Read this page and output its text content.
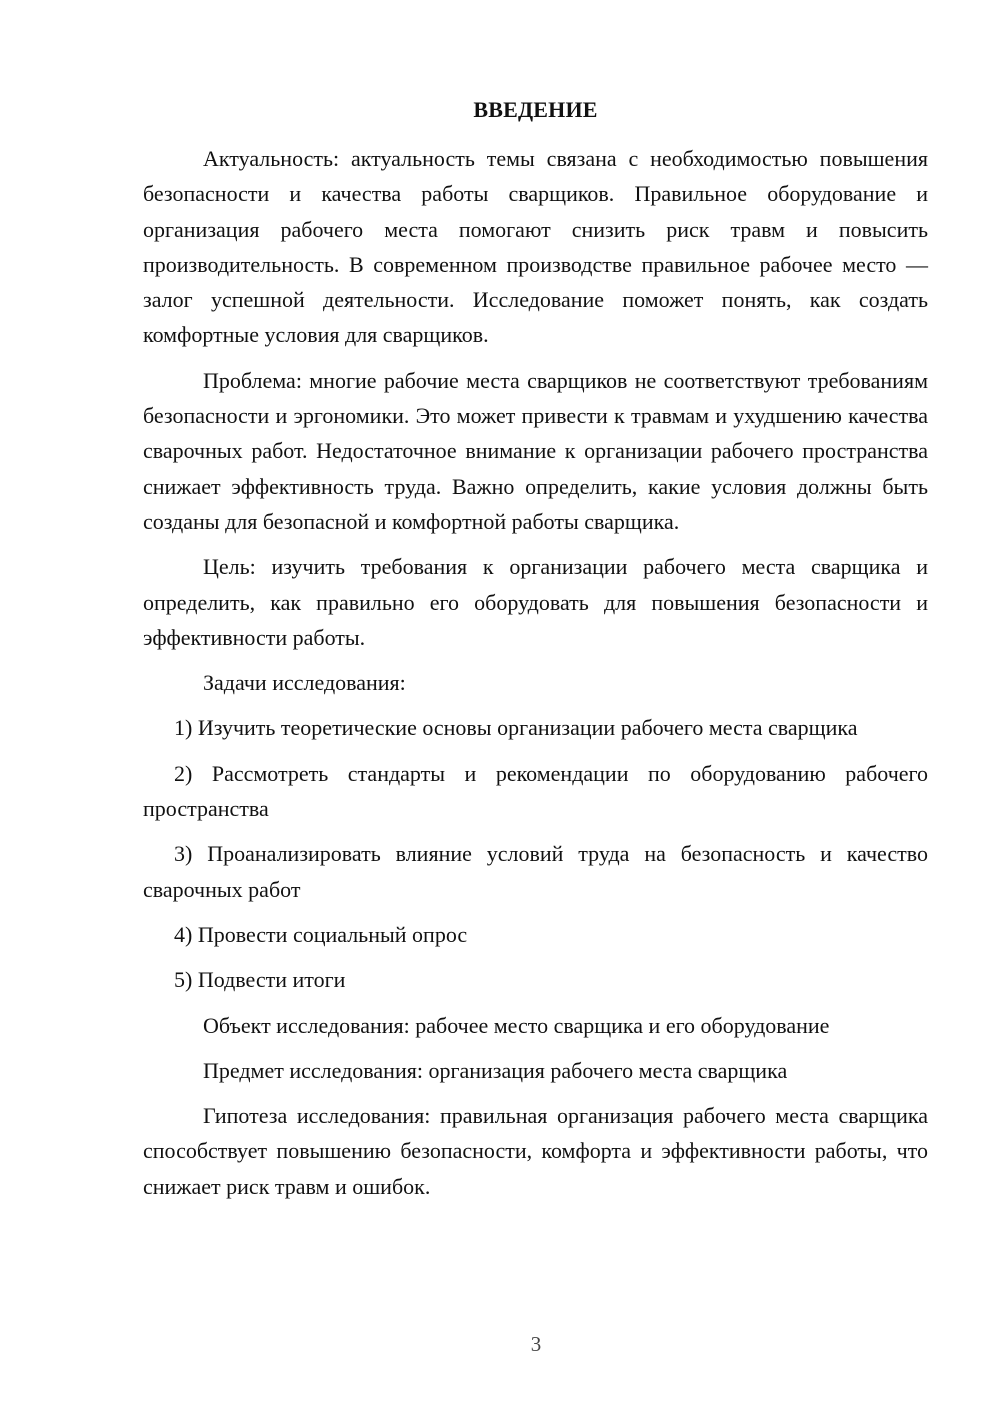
ВВЕДЕНИЕ

Актуальность: актуальность темы связана с необходимостью повышения безопасности и качества работы сварщиков. Правильное оборудование и организация рабочего места помогают снизить риск травм и повысить производительность. В современном производстве правильное рабочее место — залог успешной деятельности. Исследование поможет понять, как создать комфортные условия для сварщиков.

Проблема: многие рабочие места сварщиков не соответствуют требованиям безопасности и эргономики. Это может привести к травмам и ухудшению качества сварочных работ. Недостаточное внимание к организации рабочего пространства снижает эффективность труда. Важно определить, какие условия должны быть созданы для безопасной и комфортной работы сварщика.

Цель: изучить требования к организации рабочего места сварщика и определить, как правильно его оборудовать для повышения безопасности и эффективности работы.

Задачи исследования:

1) Изучить теоретические основы организации рабочего места сварщика

2) Рассмотреть стандарты и рекомендации по оборудованию рабочего пространства

3) Проанализировать влияние условий труда на безопасность и качество сварочных работ

4) Провести социальный опрос

5) Подвести итоги

Объект исследования: рабочее место сварщика и его оборудование

Предмет исследования: организация рабочего места сварщика

Гипотеза исследования: правильная организация рабочего места сварщика способствует повышению безопасности, комфорта и эффективности работы, что снижает риск травм и ошибок.

3
